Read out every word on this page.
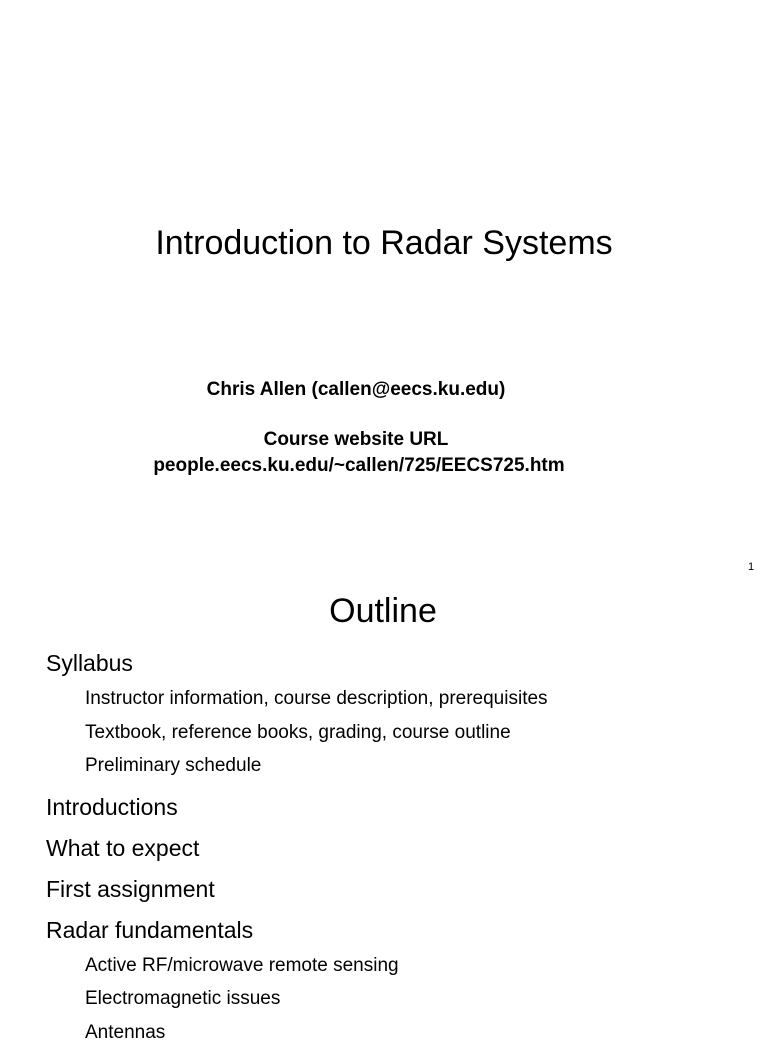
Introduction to Radar Systems
Chris Allen (callen@eecs.ku.edu)
Course website URL
people.eecs.ku.edu/~callen/725/EECS725.htm
1
Outline
Syllabus
Instructor information, course description, prerequisites
Textbook, reference books, grading, course outline
Preliminary schedule
Introductions
What to expect
First assignment
Radar fundamentals
Active RF/microwave remote sensing
Electromagnetic issues
Antennas
